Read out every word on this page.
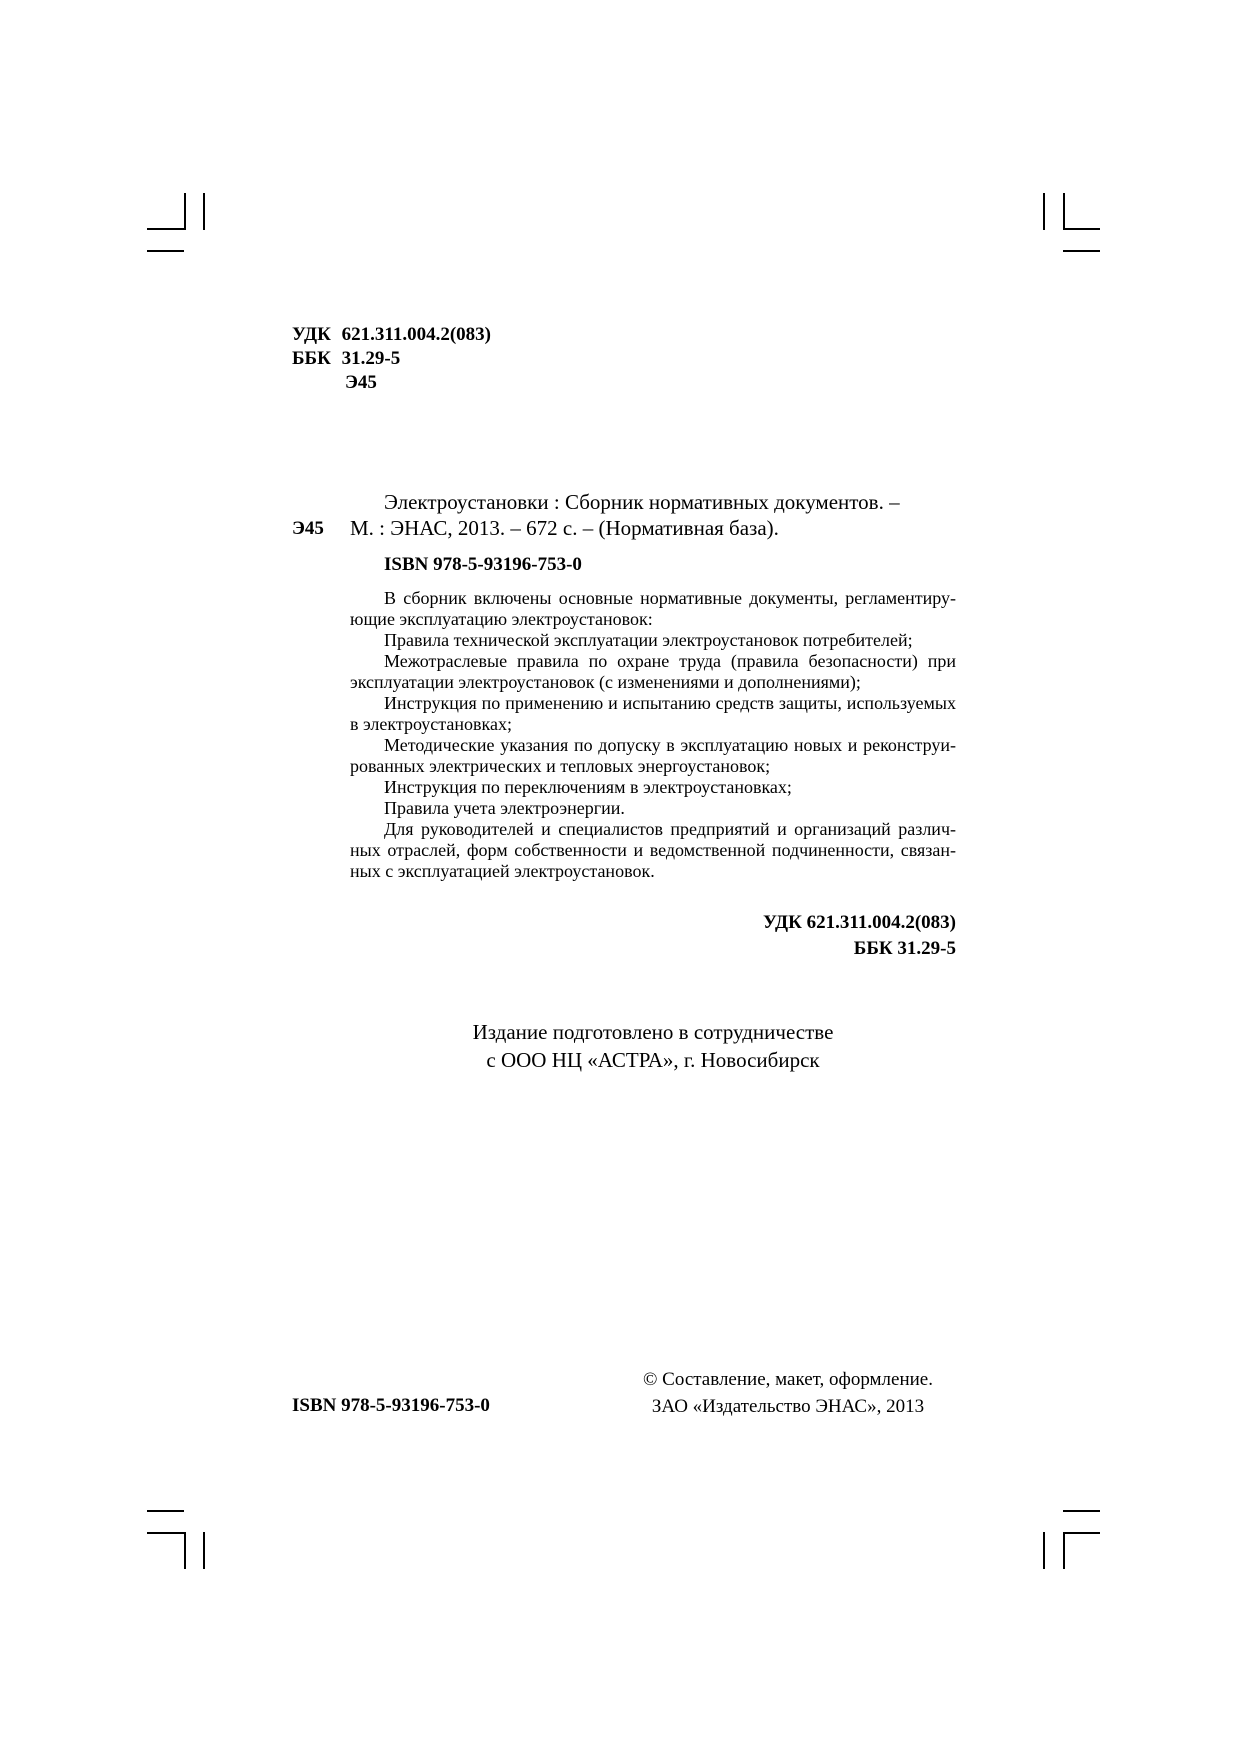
УДК 621.311.004.2(083)
ББК 31.29-5
Э45
Электроустановки : Сборник нормативных документов. –
Э45 М. : ЭНАС, 2013. – 672 с. – (Нормативная база).
ISBN 978-5-93196-753-0
В сборник включены основные нормативные документы, регламентиру-
ющие эксплуатацию электроустановок:
Правила технической эксплуатации электроустановок потребителей;
Межотраслевые правила по охране труда (правила безопасности) при
эксплуатации электроустановок (с изменениями и дополнениями);
Инструкция по применению и испытанию средств защиты, используемых
в электроустановках;
Методические указания по допуску в эксплуатацию новых и реконструи-
рованных электрических и тепловых энергоустановок;
Инструкция по переключениям в электроустановках;
Правила учета электроэнергии.
Для руководителей и специалистов предприятий и организаций различ-
ных отраслей, форм собственности и ведомственной подчиненности, связан-
ных с эксплуатацией электроустановок.
УДК 621.311.004.2(083)
ББК 31.29-5
Издание подготовлено в сотрудничестве
с ООО НЦ «АСТРА», г. Новосибирск
ISBN 978-5-93196-753-0
© Составление, макет, оформление.
ЗАО «Издательство ЭНАС», 2013
